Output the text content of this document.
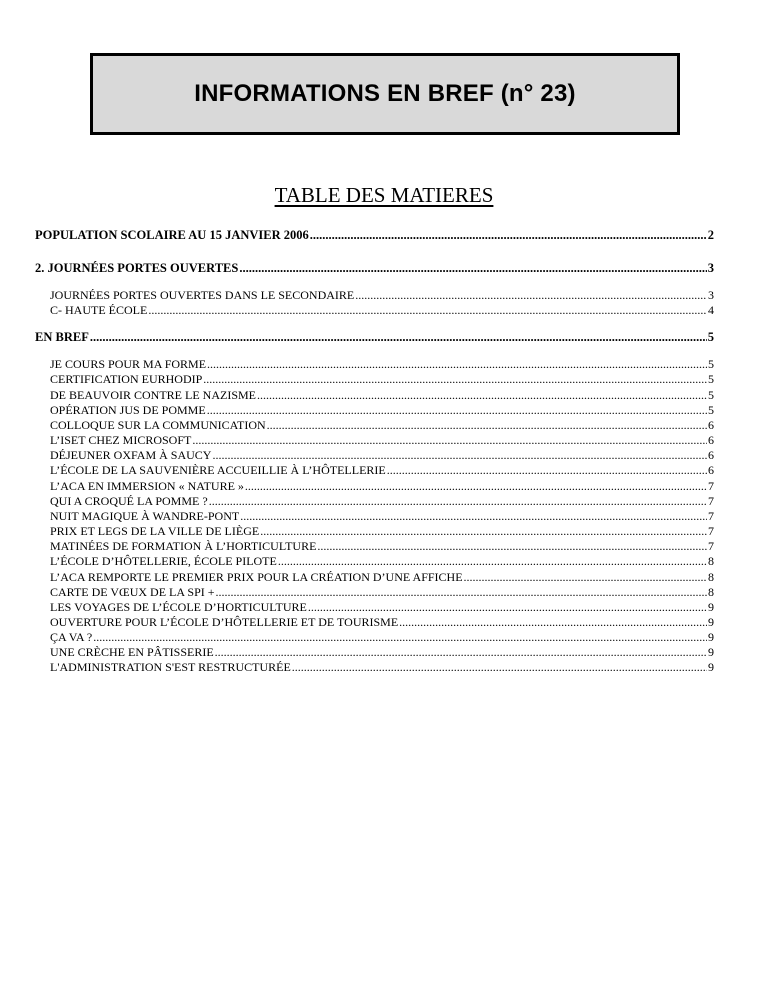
INFORMATIONS EN BREF (n° 23)
TABLE DES MATIERES
POPULATION SCOLAIRE AU 15 JANVIER 2006 .....	2
2. JOURNÉES PORTES OUVERTES .....	3
JOURNÉES PORTES OUVERTES DANS LE SECONDAIRE .....	3
C- HAUTE ÉCOLE .....	4
EN BREF .....	5
JE COURS POUR MA FORME .....	5
CERTIFICATION EURHODIP .....	5
DE BEAUVOIR CONTRE LE NAZISME .....	5
OPÉRATION JUS DE POMME .....	5
COLLOQUE SUR LA COMMUNICATION .....	6
L’ISET CHEZ MICROSOFT .....	6
DÉJEUNER OXFAM À SAUCY .....	6
L’ÉCOLE DE LA SAUVENIÈRE ACCUEILLIE À L’HÔTELLERIE .....	6
L’ACA EN IMMERSION « NATURE » .....	7
QUI A CROQUÉ LA POMME ? .....	7
NUIT MAGIQUE À WANDRE-PONT .....	7
PRIX ET LEGS DE LA VILLE DE LIÈGE .....	7
MATINÉES DE FORMATION À L’HORTICULTURE .....	7
L’ÉCOLE D’HÔTELLERIE, ÉCOLE PILOTE .....	8
L’ACA REMPORTE LE PREMIER PRIX POUR LA CRÉATION D’UNE AFFICHE .....	8
CARTE DE VŒUX DE LA SPI + .....	8
LES VOYAGES DE L’ÉCOLE D’HORTICULTURE .....	9
OUVERTURE POUR L’ÉCOLE D’HÔTELLERIE ET DE TOURISME .....	9
ÇA VA ? .....	9
UNE CRÈCHE EN PÂTISSERIE .....	9
L'ADMINISTRATION S'EST RESTRUCTURÉE .....	9
